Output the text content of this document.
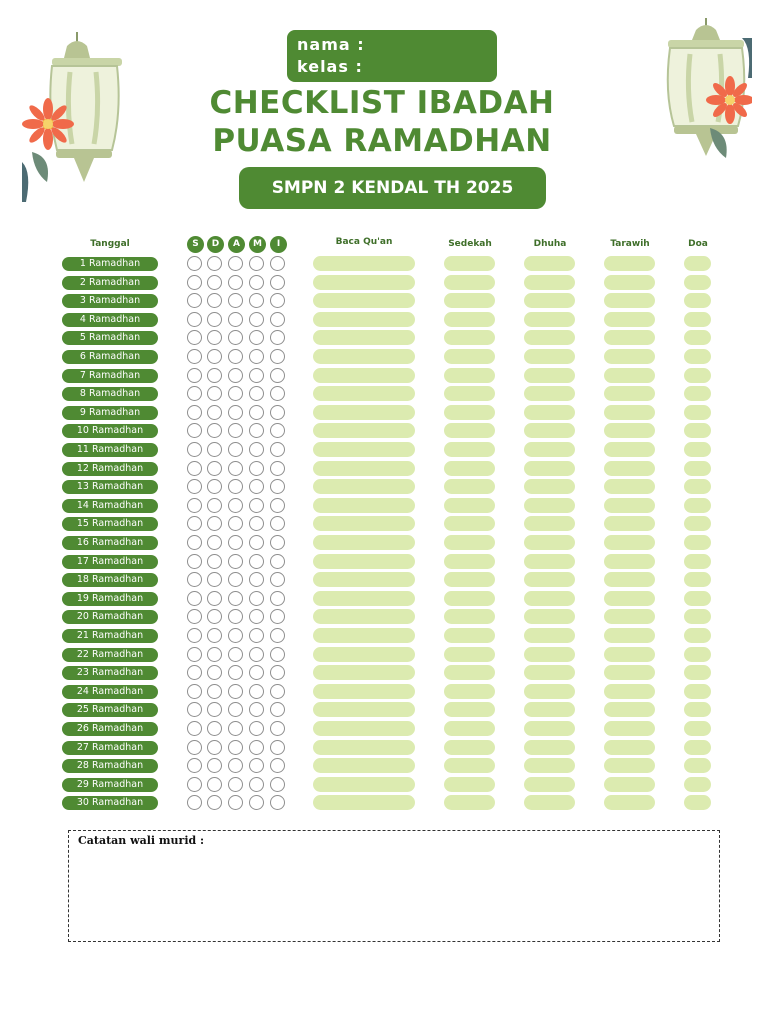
nama :
kelas :
CHECKLIST IBADAH
PUASA RAMADHAN
SMPN 2 KENDAL TH 2025
Tanggal	S	D	A	M	I	Baca Qu'an	Sedekah	Dhuha	Tarawih	Doa
1 Ramadhan
2 Ramadhan
3 Ramadhan
4 Ramadhan
5 Ramadhan
6 Ramadhan
7 Ramadhan
8 Ramadhan
9 Ramadhan
10 Ramadhan
11 Ramadhan
12 Ramadhan
13 Ramadhan
14 Ramadhan
15 Ramadhan
16 Ramadhan
17 Ramadhan
18 Ramadhan
19 Ramadhan
20 Ramadhan
21 Ramadhan
22 Ramadhan
23 Ramadhan
24 Ramadhan
25 Ramadhan
26 Ramadhan
27 Ramadhan
28 Ramadhan
29 Ramadhan
30 Ramadhan
Catatan wali murid :
